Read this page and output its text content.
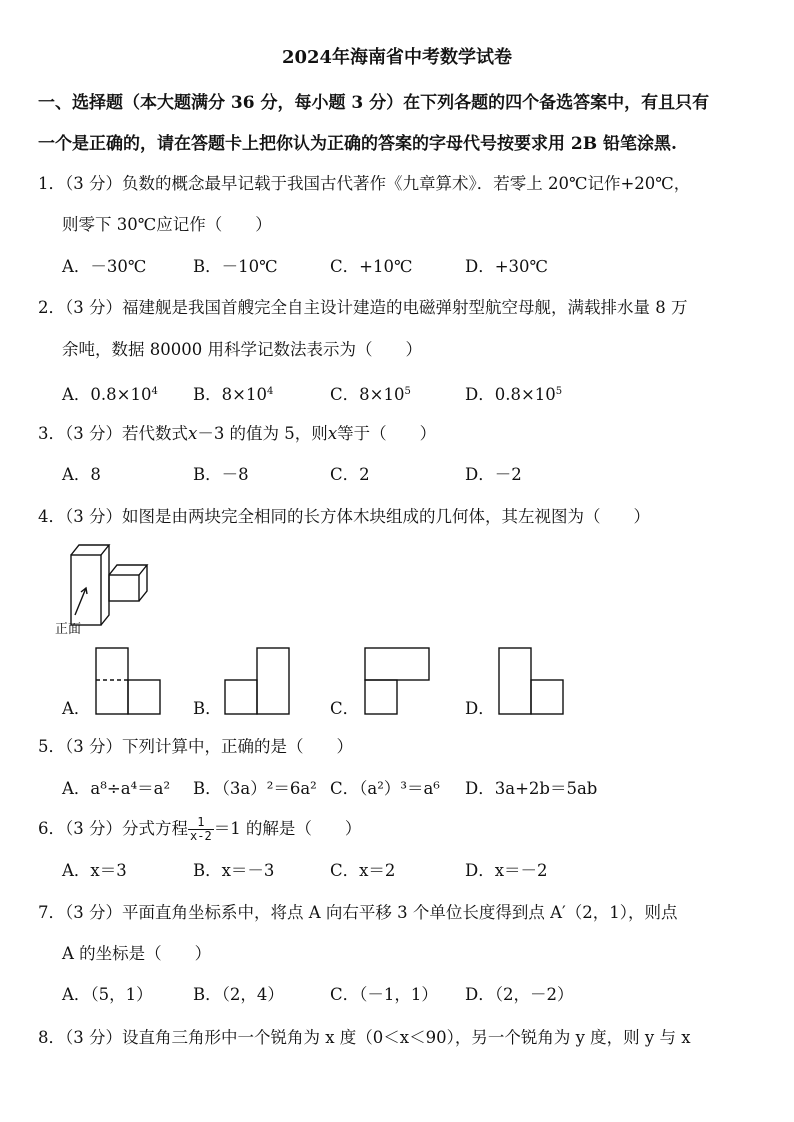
2024年海南省中考数学试卷
一、选择题（本大题满分 36 分，每小题 3 分）在下列各题的四个备选答案中，有且只有
一个是正确的，请在答题卡上把你认为正确的答案的字母代号按要求用 2B 铅笔涂黑.
1．（3 分）负数的概念最早记载于我国古代著作《九章算术》．若零上 20℃记作+20℃，
则零下 30℃应记作（　　）
A．－30℃	B．－10℃	C．+10℃	D．+30℃
2．（3 分）福建舰是我国首艘完全自主设计建造的电磁弹射型航空母舰，满载排水量 8 万
余吨，数据 80000 用科学记数法表示为（　　）
A．$0.8\times 10^4$ B．$8\times 10^4$	C．$8\times 10^5$	D．$0.8\times 10^5$
3．（3 分）若代数式x－3 的值为 5，则x等于（　　）
A．8	B．－8	C．2	D．－2
4．（3 分）如图是由两块完全相同的长方体木块组成的几何体，其左视图为（　　）
正面
A．	B．	C．	D．
5．（3 分）下列计算中，正确的是（　　）
A．a⁸÷a⁴＝a² B．（3a）²＝6a² C．（a²）³＝a⁶ D．3a+2b＝5ab
6．（3 分）分式方程 $\frac{1}{x-2} =1$ 的解是（　　）
A．x＝3	B．x＝－3	C．x＝2	D．x＝－2
7．（3 分）平面直角坐标系中，将点 A 向右平移 3 个单位长度得到点 A′（2，1），则点
A 的坐标是（　　）
A．（5，1） B．（2，4）	C．（－1，1） D．（2，－2）
8．（3 分）设直角三角形中一个锐角为 x 度（0＜x＜90），另一个锐角为 y 度，则 y 与 x
